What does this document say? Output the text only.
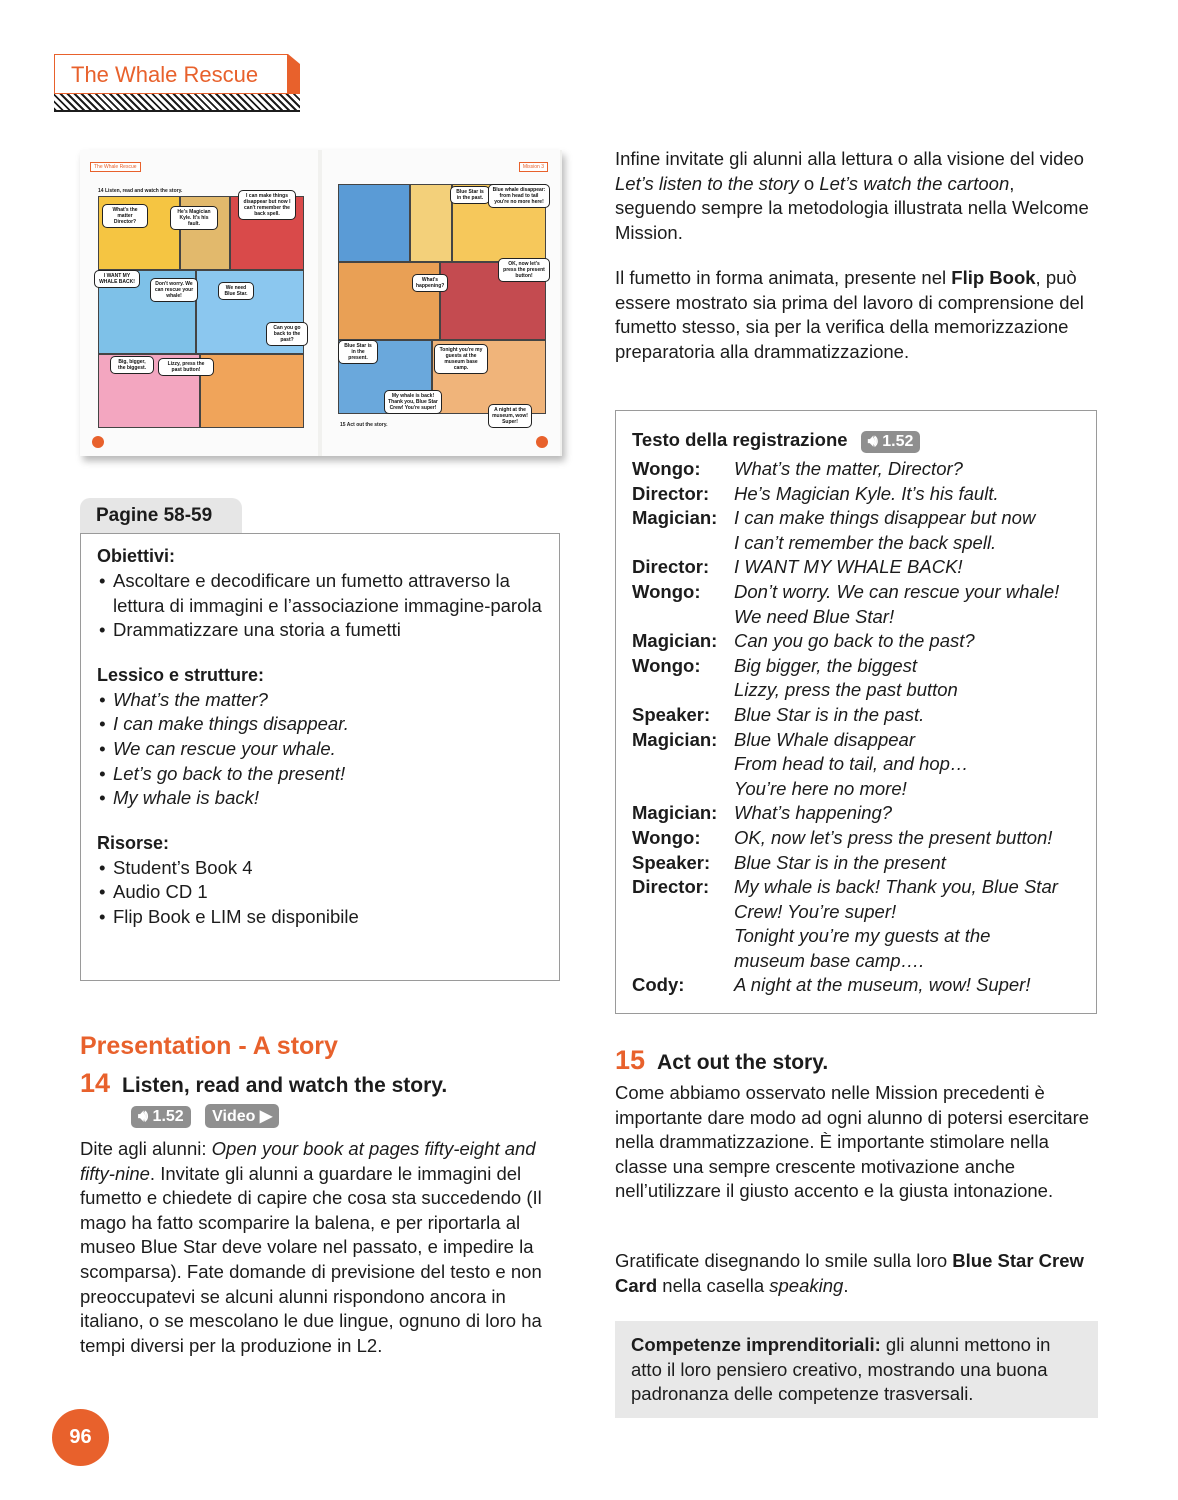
The Whale Rescue
The Whale Rescue
14 Listen, read and watch the story.
What's the matter Director?
He's Magician Kyle. It's his fault.
I can make things disappear but now I can't remember the back spell.
I WANT MY WHALE BACK!	Don't worry. We can rescue your whale!
We need Blue Star.
Can you go back to the past?
Big, bigger, the biggest.
Lizzy, press the past button!
Mission 3
Blue Star is in the past.
Blue whale disappear: from head to tail you're no more here!
What's happening?
OK, now let's press the present button!
Blue Star is in the present.
Tonight you're my guests at the museum base camp.
My whale is back! Thank you, Blue Star Crew! You're super!	A night at the museum, wow! Super!
15 Act out the story.
Pagine 58-59
Obiettivi:
• Ascoltare e decodificare un fumetto attraverso la lettura di immagini e l’associazione immagine-parola
• Drammatizzare una storia a fumetti
Lessico e strutture:
• What’s the matter?
• I can make things disappear.
• We can rescue your whale.
• Let’s go back to the present!
• My whale is back!
Risorse:
• Student’s Book 4
• Audio CD 1
• Flip Book e LIM se disponibile
Presentation - A story
14 Listen, read and watch the story.
🔊︎ 1.52 Video ▶
Dite agli alunni: Open your book at pages fifty-eight and fifty-nine. Invitate gli alunni a guardare le immagini del fumetto e chiedete di capire che cosa sta succedendo (Il mago ha fatto scomparire la balena, e per riportarla al museo Blue Star deve volare nel passato, e impedire la scomparsa). Fate domande di previsione del testo e non preoccupatevi se alcuni alunni rispondono ancora in italiano, o se mescolano le due lingue, ognuno di loro ha tempi diversi per la produzione in L2.
Infine invitate gli alunni alla lettura o alla visione del video Let’s listen to the story o Let’s watch the cartoon, seguendo sempre la metodologia illustrata nella Welcome Mission.
Il fumetto in forma animata, presente nel Flip Book, può essere mostrato sia prima del lavoro di comprensione del fumetto stesso, sia per la verifica della memorizzazione preparatoria alla drammatizzazione.
Testo della registrazione 🔊︎ 1.52
Wongo:	What’s the matter, Director?
Director:	He’s Magician Kyle. It’s his fault.
Magician: I can make things disappear but now
I can’t remember the back spell.
Director:	I WANT MY WHALE BACK!
Wongo:	Don’t worry. We can rescue your whale!
We need Blue Star!
Magician: Can you go back to the past?
Wongo:	Big bigger, the biggest
Lizzy, press the past button
Speaker:	Blue Star is in the past.
Magician: Blue Whale disappear
From head to tail, and hop…
You’re here no more!
Magician: What’s happening?
Wongo:	OK, now let’s press the present button!
Speaker:	Blue Star is in the present
Director:	My whale is back! Thank you, Blue Star
Crew! You’re super!
Tonight you’re my guests at the
museum base camp….
Cody:	A night at the museum, wow! Super!
15 Act out the story.
Come abbiamo osservato nelle Mission precedenti è importante dare modo ad ogni alunno di potersi esercitare nella drammatizzazione. È importante stimolare nella classe una sempre crescente motivazione anche nell’utilizzare il giusto accento e la giusta intonazione.
Gratificate disegnando lo smile sulla loro Blue Star Crew Card nella casella speaking.
Competenze imprenditoriali: gli alunni mettono in atto il loro pensiero creativo, mostrando una buona padronanza delle competenze trasversali.
96
